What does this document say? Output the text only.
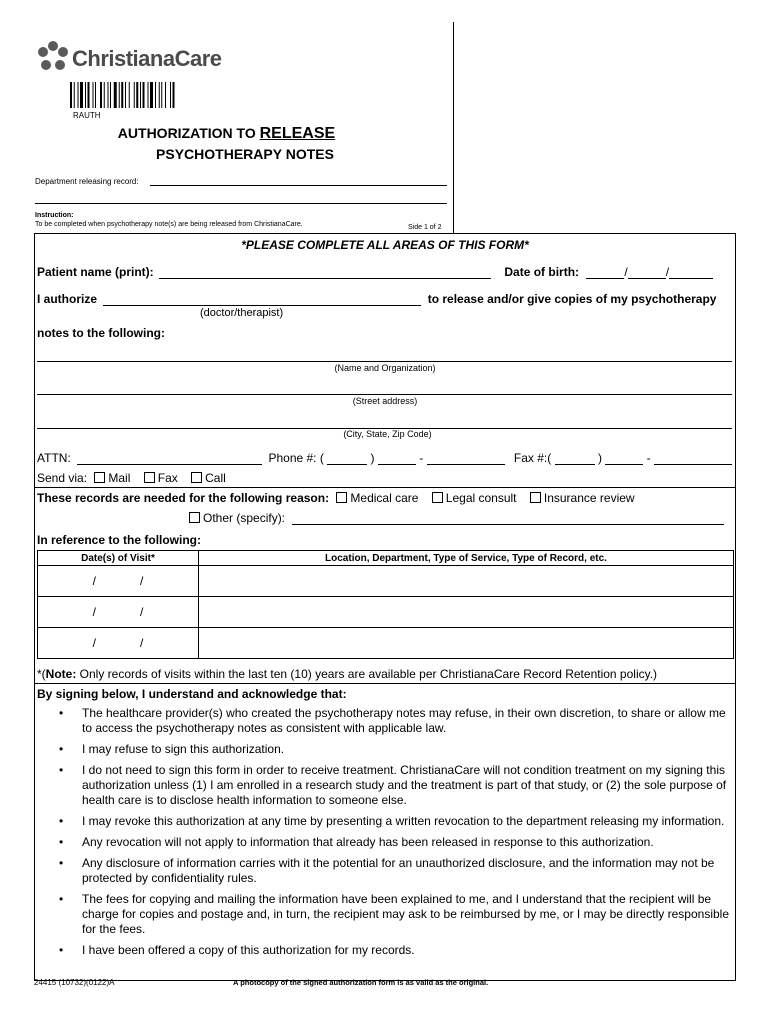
ChristianaCare
RAUTH
AUTHORIZATION TO RELEASE
PSYCHOTHERAPY NOTES
Department releasing record:
Instruction:
To be completed when psychotherapy note(s) are being released from ChristianaCare.	Side 1 of 2
*PLEASE COMPLETE ALL AREAS OF THIS FORM*
Patient name (print):	Date of birth:	/	/
I authorize	to release and/or give copies of my psychotherapy
(doctor/therapist)
notes to the following:
(Name and Organization)
(Street address)
(City, State, Zip Code)
ATTN:	Phone #: (	)	-	Fax #:(	)	-
Send via: Mail Fax Call
These records are needed for the following reason: Medical care Legal consult Insurance review
Other (specify):
In reference to the following:
Date(s) of Visit*	Location, Department, Type of Service, Type of Record, etc.

/ /	

/ /	

/ /	

*(Note: Only records of visits within the last ten (10) years are available per ChristianaCare Record Retention policy.)
By signing below, I understand and acknowledge that:
• The healthcare provider(s) who created the psychotherapy notes may refuse, in their own discretion, to share or allow me to access the psychotherapy notes as consistent with applicable law.
• I may refuse to sign this authorization.
• I do not need to sign this form in order to receive treatment. ChristianaCare will not condition treatment on my signing this authorization unless (1) I am enrolled in a research study and the treatment is part of that study, or (2) the sole purpose of health care is to disclose health information to someone else.
• I may revoke this authorization at any time by presenting a written revocation to the department releasing my information.
• Any revocation will not apply to information that already has been released in response to this authorization.
• Any disclosure of information carries with it the potential for an unauthorized disclosure, and the information may not be protected by confidentiality rules.
• The fees for copying and mailing the information have been explained to me, and I understand that the recipient will be charge for copies and postage and, in turn, the recipient may ask to be reimbursed by me, or I may be directly responsible for the fees.
• I have been offered a copy of this authorization for my records.
24415 (10732)(0122)A	A photocopy of the signed authorization form is as valid as the original.
